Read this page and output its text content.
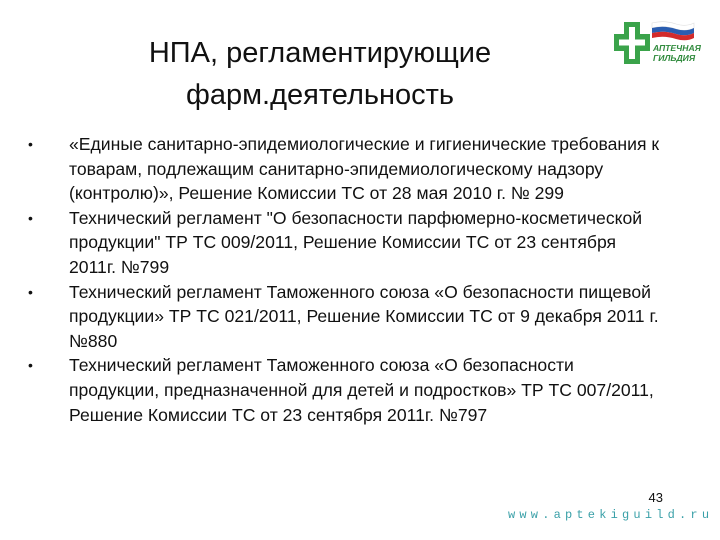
НПА, регламентирующие
фарм.деятельность
АПТЕЧНАЯ
ГИЛЬДИЯ
• «Единые санитарно-эпидемиологические и гигиенические требования к товарам, подлежащим санитарно-эпидемиологическому надзору (контролю)», Решение Комиссии ТС от 28 мая 2010 г. № 299
• Технический регламент "О безопасности парфюмерно-косметической продукции" ТР ТС 009/2011, Решение Комиссии ТС от 23 сентября 2011г. №799
• Технический регламент Таможенного союза «О безопасности пищевой продукции» ТР ТС 021/2011, Решение Комиссии ТС от 9 декабря 2011 г. №880
• Технический регламент Таможенного союза «О безопасности продукции, предназначенной для детей и подростков» ТР ТС 007/2011, Решение Комиссии ТС от 23 сентября 2011г. №797
43
www.aptekiguild.ru
